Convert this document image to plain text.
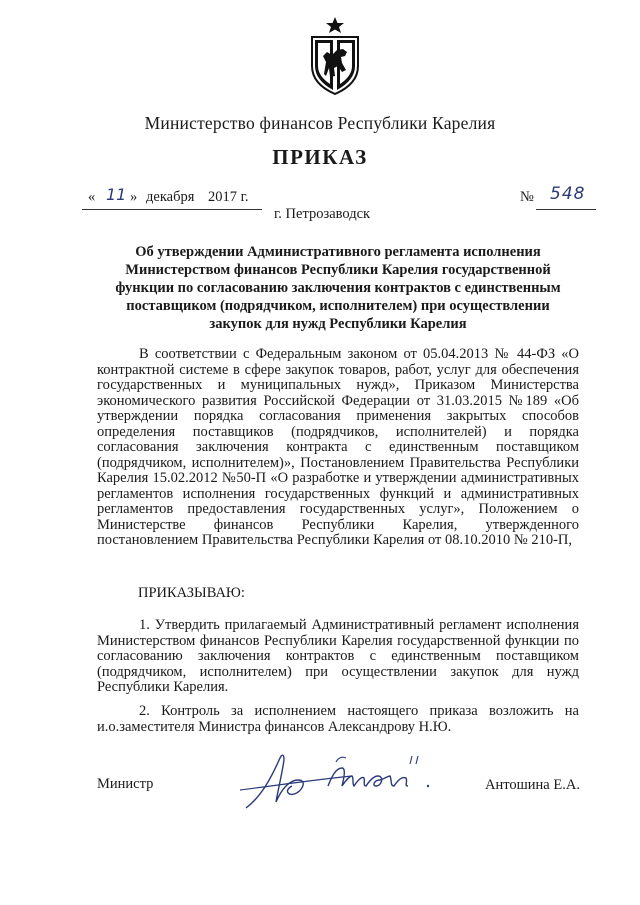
Министерство финансов Республики Карелия
ПРИКАЗ
« 11 » декабря 2017 г.	№ 548
г. Петрозаводск
Об утверждении Административного регламента исполнения Министерством финансов Республики Карелия государственной функции по согласованию заключения контрактов с единственным поставщиком (подрядчиком, исполнителем) при осуществлении закупок для нужд Республики Карелия
В соответствии с Федеральным законом от 05.04.2013 № 44-ФЗ «О контрактной системе в сфере закупок товаров, работ, услуг для обеспечения государственных и муниципальных нужд», Приказом Министерства экономического развития Российской Федерации от 31.03.2015 №189 «Об утверждении порядка согласования применения закрытых способов определения поставщиков (подрядчиков, исполнителей) и порядка согласования заключения контракта с единственным поставщиком (подрядчиком, исполнителем)», Постановлением Правительства Республики Карелия 15.02.2012 №50-П «О разработке и утверждении административных регламентов исполнения государственных функций и административных регламентов предоставления государственных услуг», Положением о Министерстве финансов Республики Карелия, утвержденного постановлением Правительства Республики Карелия от 08.10.2010 № 210-П,
ПРИКАЗЫВАЮ:
1. Утвердить прилагаемый Административный регламент исполнения Министерством финансов Республики Карелия государственной функции по согласованию заключения контрактов с единственным поставщиком (подрядчиком, исполнителем) при осуществлении закупок для нужд Республики Карелия.
2. Контроль за исполнением настоящего приказа возложить на и.о.заместителя Министра финансов Александрову Н.Ю.
Министр	Антошина Е.А.
